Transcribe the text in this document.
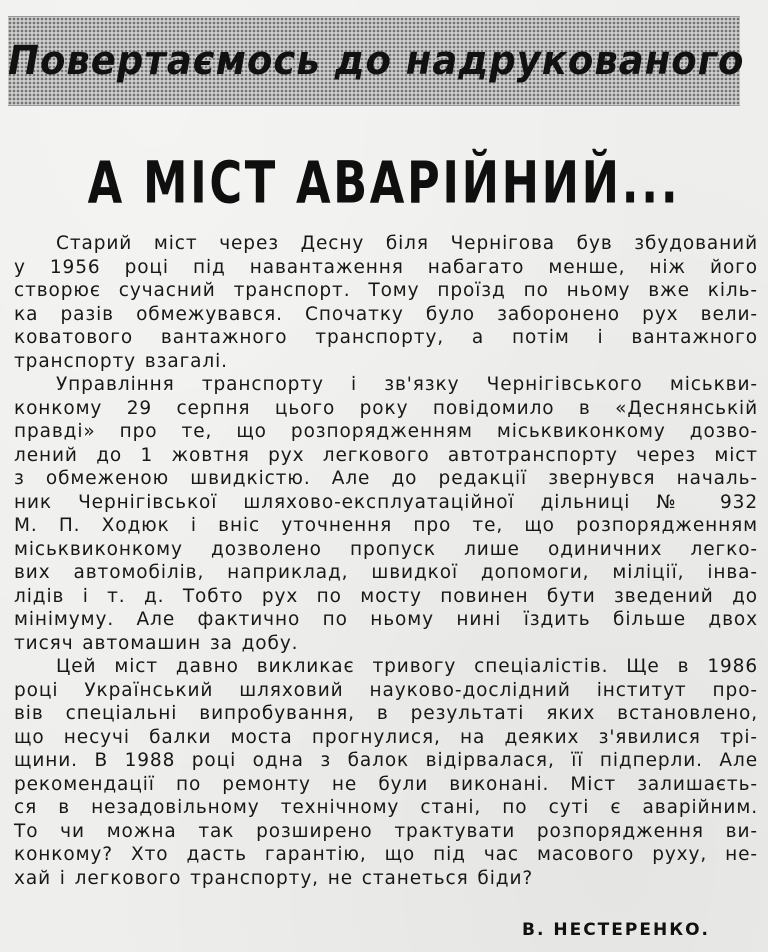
Повертаємось до надрукованого
А МІСТ АВАРІЙНИЙ...
Старий міст через Десну біля Чернігова був збудований
у 1956 році під навантаження набагато менше, ніж його
створює сучасний транспорт. Тому проїзд по ньому вже кіль-
ка разів обмежувався. Спочатку було заборонено рух вели-
коватового вантажного транспорту, а потім і вантажного
транспорту взагалі.
Управління транспорту і зв'язку Чернігівського міськви-
конкому 29 серпня цього року повідомило в «Деснянській
правді» про те, що розпорядженням міськвиконкому дозво-
лений до 1 жовтня рух легкового автотранспорту через міст
з обмеженою швидкістю. Але до редакції звернувся началь-
ник Чернігівської шляхово-експлуатаційної дільниці № 932
М. П. Ходюк і вніс уточнення про те, що розпорядженням
міськвиконкому дозволено пропуск лише одиничних легко-
вих автомобілів, наприклад, швидкої допомоги, міліції, інва-
лідів і т. д. Тобто рух по мосту повинен бути зведений до
мінімуму. Але фактично по ньому нині їздить більше двох
тисяч автомашин за добу.
Цей міст давно викликає тривогу спеціалістів. Ще в 1986
році Український шляховий науково-дослідний інститут про-
вів спеціальні випробування, в результаті яких встановлено,
що несучі балки моста прогнулися, на деяких з'явилися трі-
щини. В 1988 році одна з балок відірвалася, її підперли. Але
рекомендації по ремонту не були виконані. Міст залишаєть-
ся в незадовільному технічному стані, по суті є аварійним.
То чи можна так розширено трактувати розпорядження ви-
конкому? Хто дасть гарантію, що під час масового руху, не-
хай і легкового транспорту, не станеться біди?
В. НЕСТЕРЕНКО.
